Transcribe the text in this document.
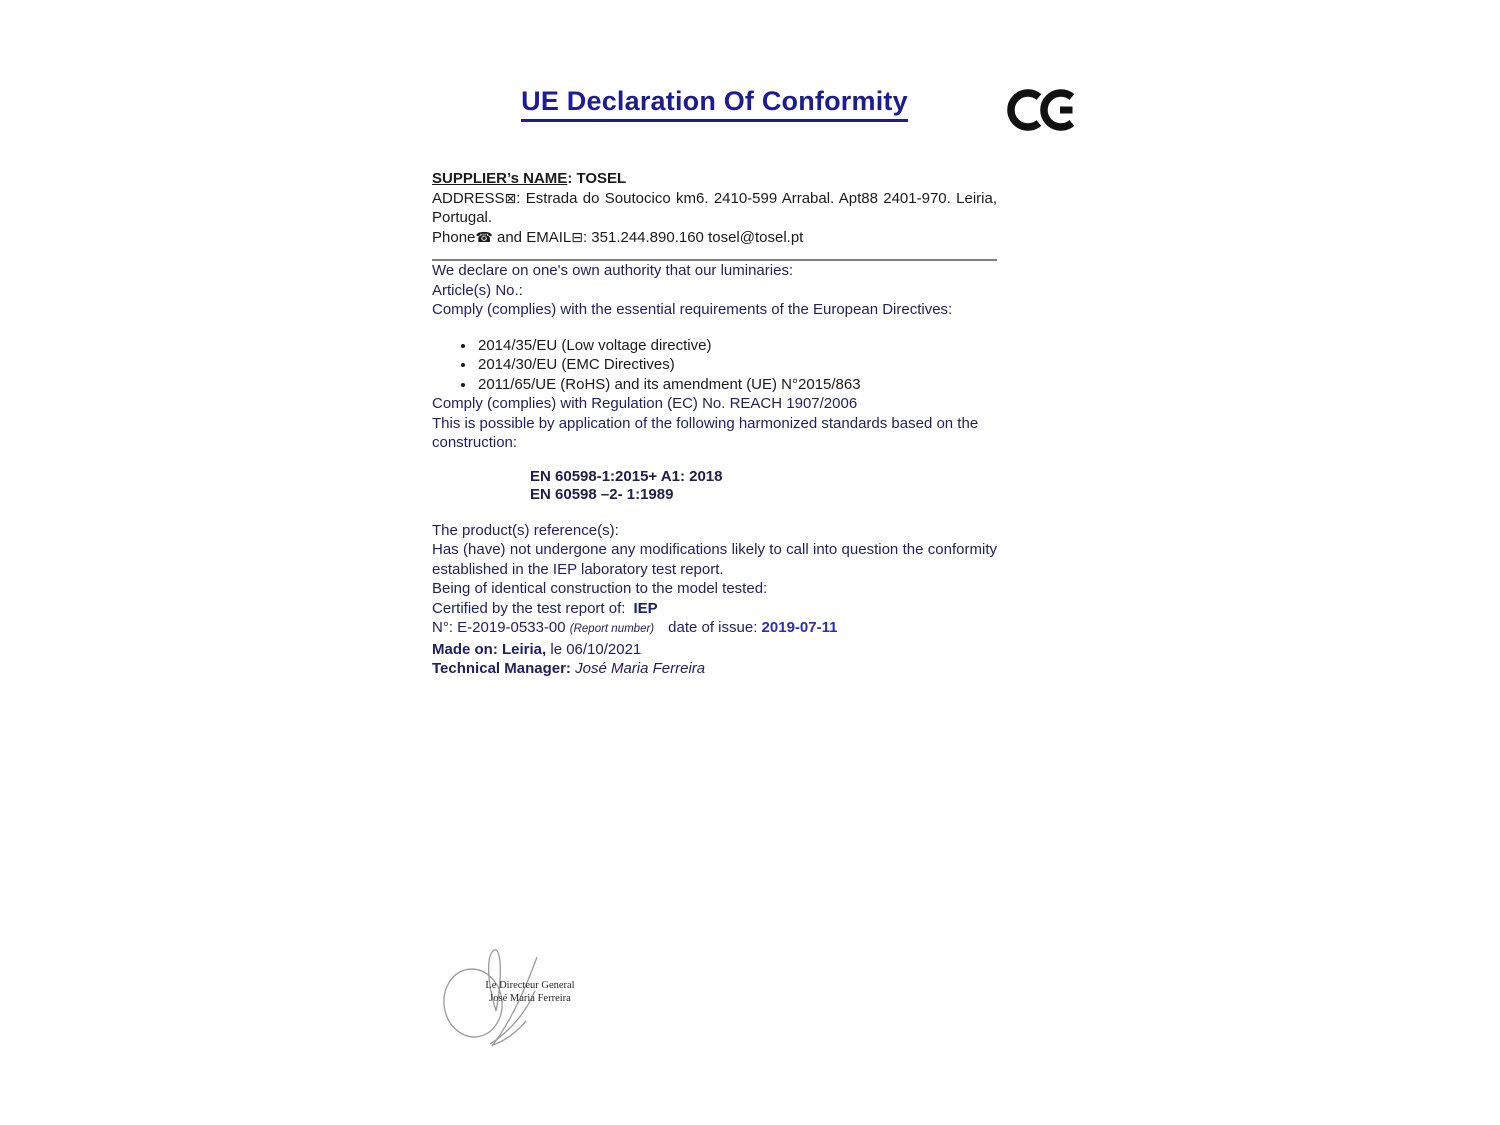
UE Declaration Of Conformity

SUPPLIER’s NAME: TOSEL

ADDRESS⊠: Estrada do Soutocico km6. 2410-599 Arrabal. Apt88 2401-970. Leiria, Portugal.

Phone☎ and EMAIL⊟: 351.244.890.160 tosel@tosel.pt

We declare on one's own authority that our luminaries:

Article(s) No.:

Comply (complies) with the essential requirements of the European Directives:

• 2014/35/EU (Low voltage directive)
• 2014/30/EU (EMC Directives)
• 2011/65/UE (RoHS) and its amendment (UE) N°2015/863

Comply (complies) with Regulation (EC) No. REACH 1907/2006

This is possible by application of the following harmonized standards based on the construction:

EN 60598-1:2015+ A1: 2018
EN 60598 –2- 1:1989

The product(s) reference(s):

Has (have) not undergone any modifications likely to call into question the conformity established in the IEP laboratory test report.

Being of identical construction to the model tested:

Certified by the test report of: IEP

N°: E-2019-0533-00 (Report number) date of issue: 2019-07-11

Made on: Leiria, le 06/10/2021

Technical Manager: José Maria Ferreira

Le Directeur General
José Maria Ferreira
